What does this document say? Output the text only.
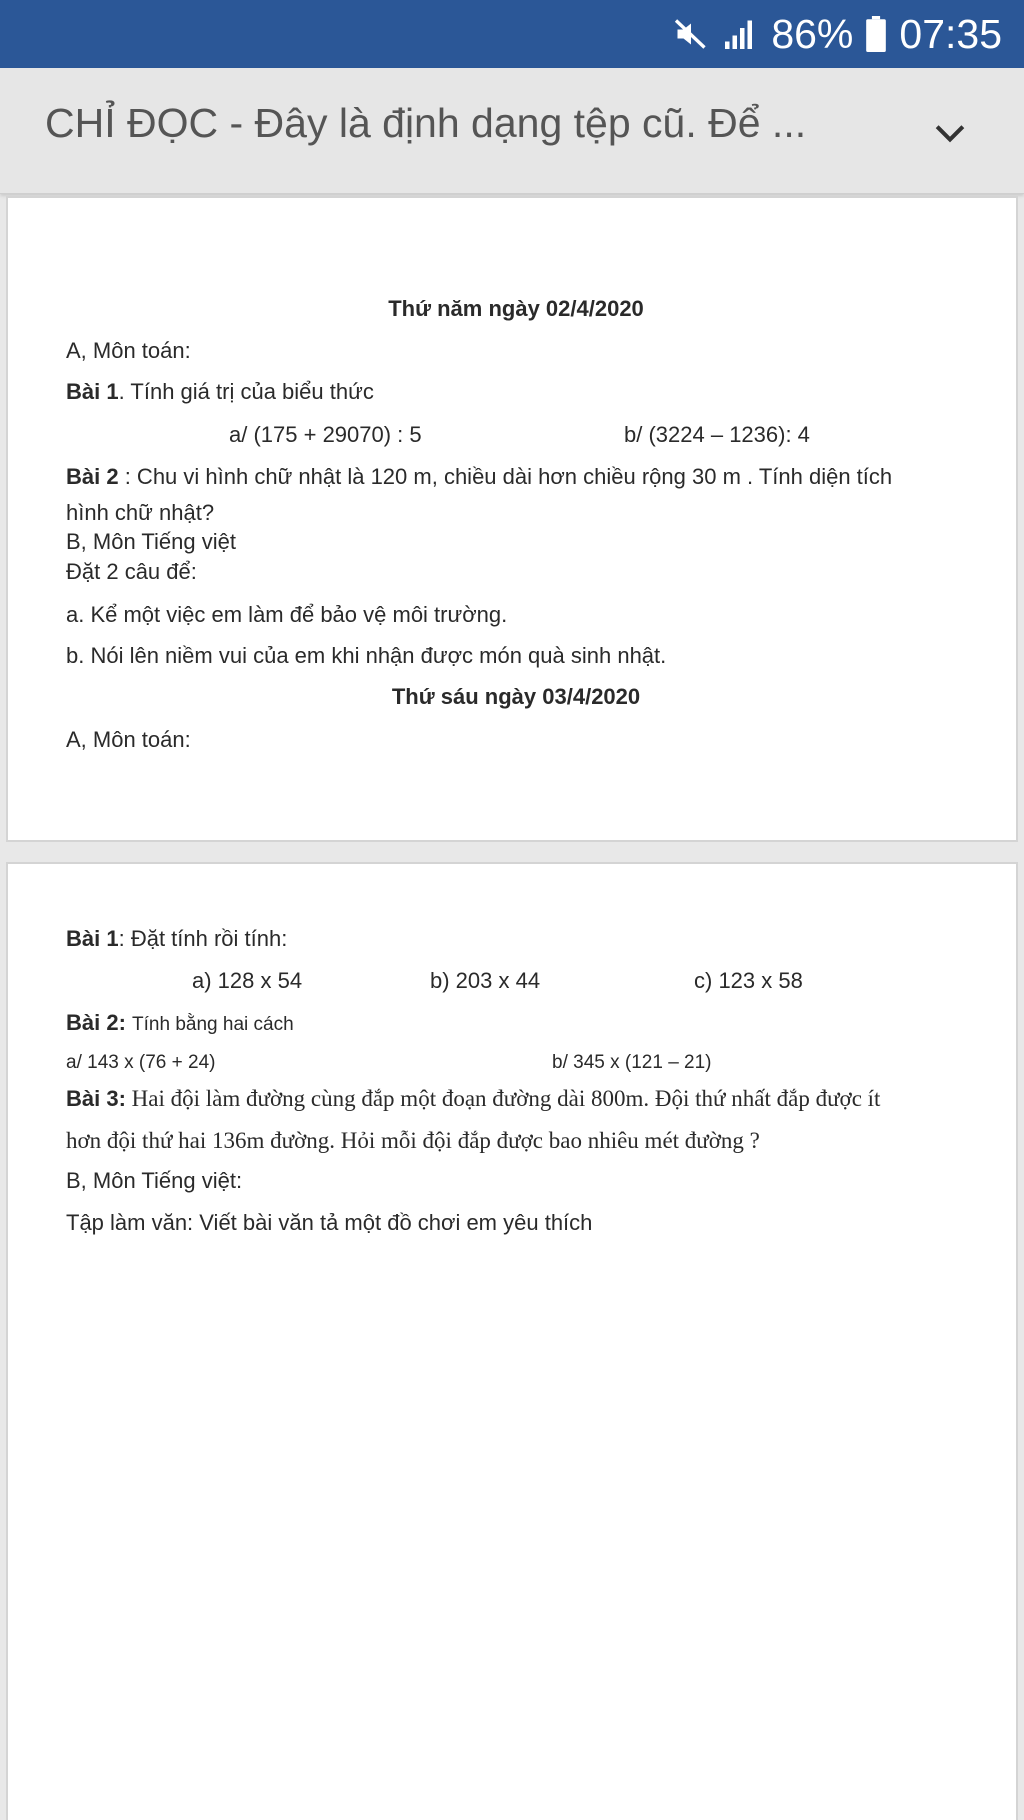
86% 07:35
CHỈ ĐỌC - Đây là định dạng tệp cũ. Để ...
Thứ năm ngày 02/4/2020
A, Môn toán:
Bài 1. Tính giá trị của biểu thức
a/ (175 + 29070) : 5	b/ (3224 – 1236): 4
Bài 2 : Chu vi hình chữ nhật là 120 m, chiều dài hơn chiều rộng 30 m . Tính diện tích
hình chữ nhật?
B, Môn Tiếng việt
Đặt 2 câu để:
a. Kể một việc em làm để bảo vệ môi trường.
b. Nói lên niềm vui của em khi nhận được món quà sinh nhật.
Thứ sáu ngày 03/4/2020
A, Môn toán:
Bài 1: Đặt tính rồi tính:
a) 128 x 54	b) 203 x 44	c) 123 x 58
Bài 2: Tính bằng hai cách
a/ 143 x (76 + 24)	b/ 345 x (121 – 21)
Bài 3: Hai đội làm đường cùng đắp một đoạn đường dài 800m. Đội thứ nhất đắp được ít
hơn đội thứ hai 136m đường. Hỏi mỗi đội đắp được bao nhiêu mét đường ?
B, Môn Tiếng việt:
Tập làm văn: Viết bài văn tả một đồ chơi em yêu thích
